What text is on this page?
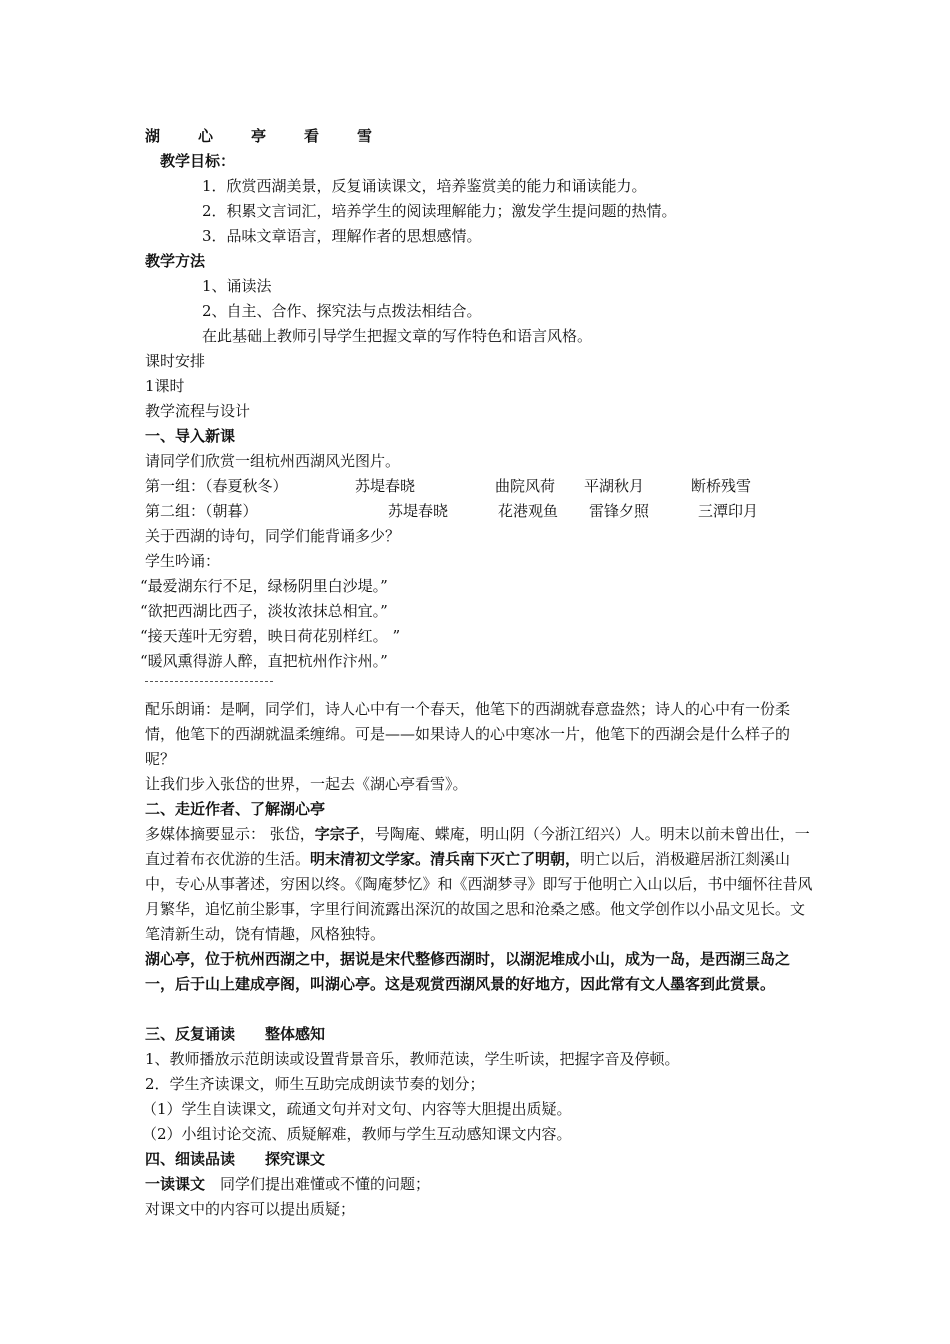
湖	心	亭	看	雪
教学目标：
1．欣赏西湖美景，反复诵读课文，培养鉴赏美的能力和诵读能力。
2．积累文言词汇，培养学生的阅读理解能力；激发学生提问题的热情。
3．品味文章语言，理解作者的思想感情。
教学方法
1、诵读法
2、自主、合作、探究法与点拨法相结合。
在此基础上教师引导学生把握文章的写作特色和语言风格。
课时安排
1课时
教学流程与设计
一、导入新课
请同学们欣赏一组杭州西湖风光图片。
第一组：（春夏秋冬）	苏堤春晓	曲院风荷 平湖秋月	断桥残雪
第二组：（朝暮）	苏堤春晓	花港观鱼 雷锋夕照	三潭印月
关于西湖的诗句，同学们能背诵多少？
学生吟诵：
“最爱湖东行不足，绿杨阴里白沙堤。”
“欲把西湖比西子，淡妆浓抹总相宜。”
“接天莲叶无穷碧，映日荷花别样红。 ”
“暖风熏得游人醉，直把杭州作汴州。”
配乐朗诵：是啊，同学们，诗人心中有一个春天，他笔下的西湖就春意盎然；诗人的心中有一份柔情，他笔下的西湖就温柔缠绵。可是——如果诗人的心中寒冰一片，他笔下的西湖会是什么样子的呢？
让我们步入张岱的世界，一起去《湖心亭看雪》。
二、走近作者、了解湖心亭
多媒体摘要显示： 张岱，字宗子，号陶庵、蝶庵，明山阴（今浙江绍兴）人。明末以前未曾出仕，一直过着布衣优游的生活。明末清初文学家。清兵南下灭亡了明朝，明亡以后，消极避居浙江剡溪山中，专心从事著述，穷困以终。《陶庵梦忆》和《西湖梦寻》即写于他明亡入山以后，书中缅怀往昔风月繁华，追忆前尘影事，字里行间流露出深沉的故国之思和沧桑之感。他文学创作以小品文见长。文笔清新生动，饶有情趣，风格独特。
湖心亭，位于杭州西湖之中，据说是宋代整修西湖时，以湖泥堆成小山，成为一岛，是西湖三岛之一，后于山上建成亭阁，叫湖心亭。这是观赏西湖风景的好地方，因此常有文人墨客到此赏景。
三、反复诵读　　整体感知
1、教师播放示范朗读或设置背景音乐，教师范读，学生听读，把握字音及停顿。
2．学生齐读课文，师生互助完成朗读节奏的划分；
（1）学生自读课文，疏通文句并对文句、内容等大胆提出质疑。
（2）小组讨论交流、质疑解难，教师与学生互动感知课文内容。
四、细读品读　　探究课文
一读课文　同学们提出难懂或不懂的问题；
对课文中的内容可以提出质疑；
